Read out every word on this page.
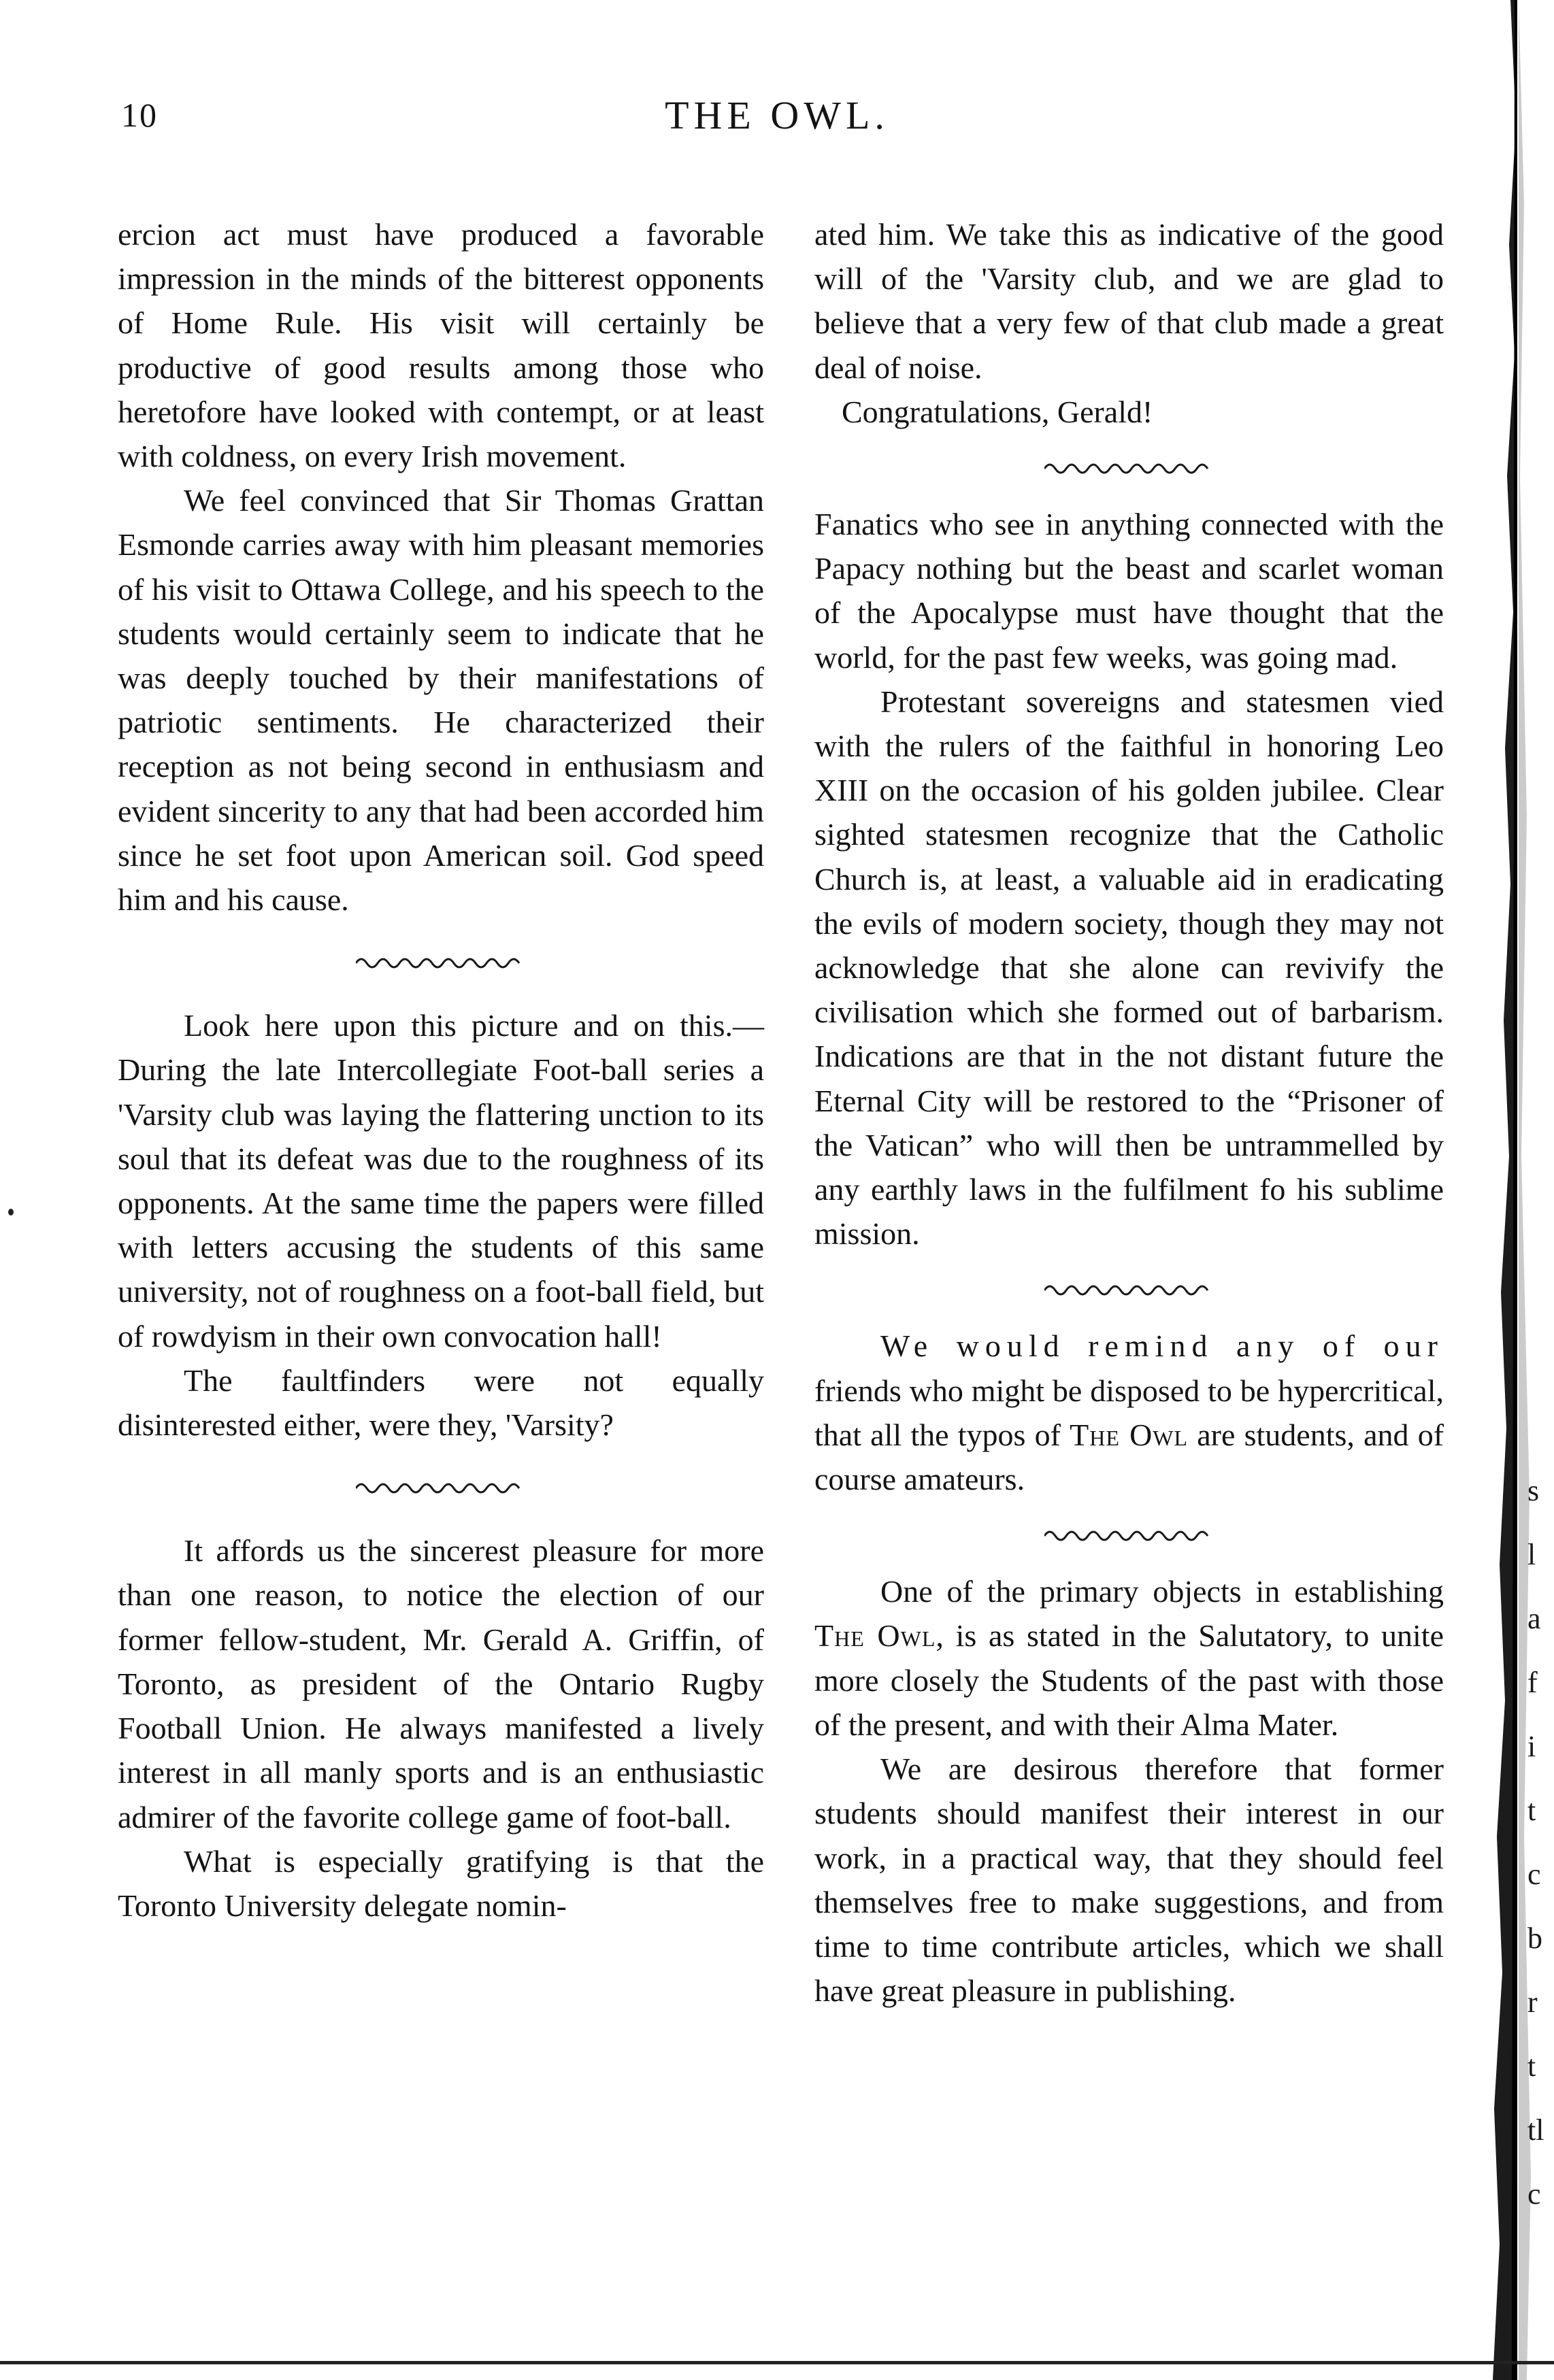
10	THE OWL.

ercion act must have produced a favorable impression in the minds of the bitterest opponents of Home Rule. His visit will certainly be productive of good results among those who heretofore have looked with contempt, or at least with coldness, on every Irish movement.

We feel convinced that Sir Thomas Grattan Esmonde carries away with him pleasant memories of his visit to Ottawa College, and his speech to the students would certainly seem to indicate that he was deeply touched by their manifestations of patriotic sentiments. He characterized their reception as not being second in enthusiasm and evident sincerity to any that had been accorded him since he set foot upon American soil. God speed him and his cause.

Look here upon this picture and on this.— During the late Intercollegiate Foot-ball series a 'Varsity club was laying the flattering unction to its soul that its defeat was due to the roughness of its opponents. At the same time the papers were filled with letters accusing the students of this same university, not of roughness on a foot-ball field, but of rowdyism in their own convocation hall!

The faultfinders were not equally disinterested either, were they, 'Varsity?

It affords us the sincerest pleasure for more than one reason, to notice the election of our former fellow-student, Mr. Gerald A. Griffin, of Toronto, as president of the Ontario Rugby Football Union. He always manifested a lively interest in all manly sports and is an enthusiastic admirer of the favorite college game of foot-ball.

What is especially gratifying is that the Toronto University delegate nomin-

ated him. We take this as indicative of the good will of the 'Varsity club, and we are glad to believe that a very few of that club made a great deal of noise.

Congratulations, Gerald!

Fanatics who see in anything connected with the Papacy nothing but the beast and scarlet woman of the Apocalypse must have thought that the world, for the past few weeks, was going mad.

Protestant sovereigns and statesmen vied with the rulers of the faithful in honoring Leo XIII on the occasion of his golden jubilee. Clear sighted statesmen recognize that the Catholic Church is, at least, a valuable aid in eradicating the evils of modern society, though they may not acknowledge that she alone can revivify the civilisation which she formed out of barbarism. Indications are that in the not distant future the Eternal City will be restored to the “Prisoner of the Vatican” who will then be untrammelled by any earthly laws in the fulfilment fo his sublime mission.

We would remind any of our friends who might be disposed to be hypercritical, that all the typos of The Owl are students, and of course amateurs.

One of the primary objects in establishing The Owl, is as stated in the Salutatory, to unite more closely the Students of the past with those of the present, and with their Alma Mater.

We are desirous therefore that former students should manifest their interest in our work, in a practical way, that they should feel themselves free to make suggestions, and from time to time contribute articles, which we shall have great pleasure in publishing.

s
l
a
f
i
t
c
b
r
t
tl
c
